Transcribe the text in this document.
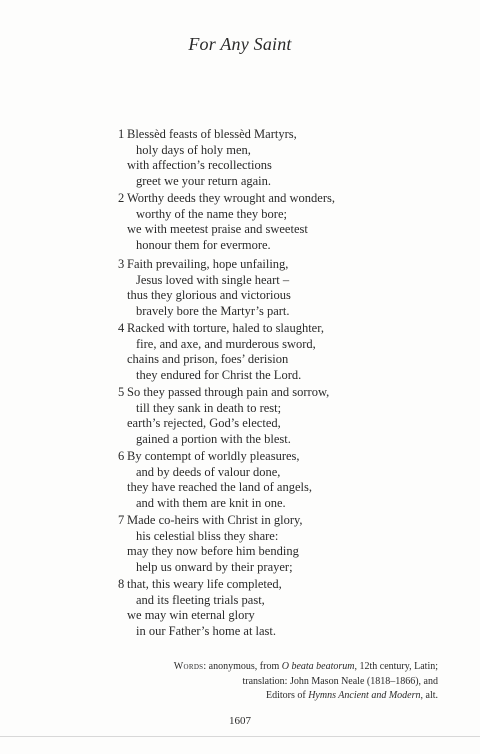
For Any Saint
1 Blessèd feasts of blessèd Martyrs,
holy days of holy men,
with affection’s recollections
greet we your return again.
2 Worthy deeds they wrought and wonders,
worthy of the name they bore;
we with meetest praise and sweetest
honour them for evermore.
3 Faith prevailing, hope unfailing,
Jesus loved with single heart –
thus they glorious and victorious
bravely bore the Martyr’s part.
4 Racked with torture, haled to slaughter,
fire, and axe, and murderous sword,
chains and prison, foes’ derision
they endured for Christ the Lord.
5 So they passed through pain and sorrow,
till they sank in death to rest;
earth’s rejected, God’s elected,
gained a portion with the blest.
6 By contempt of worldly pleasures,
and by deeds of valour done,
they have reached the land of angels,
and with them are knit in one.
7 Made co-heirs with Christ in glory,
his celestial bliss they share:
may they now before him bending
help us onward by their prayer;
8 that, this weary life completed,
and its fleeting trials past,
we may win eternal glory
in our Father’s home at last.
Words: anonymous, from O beata beatorum, 12th century, Latin;
translation: John Mason Neale (1818–1866), and
Editors of Hymns Ancient and Modern, alt.
1607
